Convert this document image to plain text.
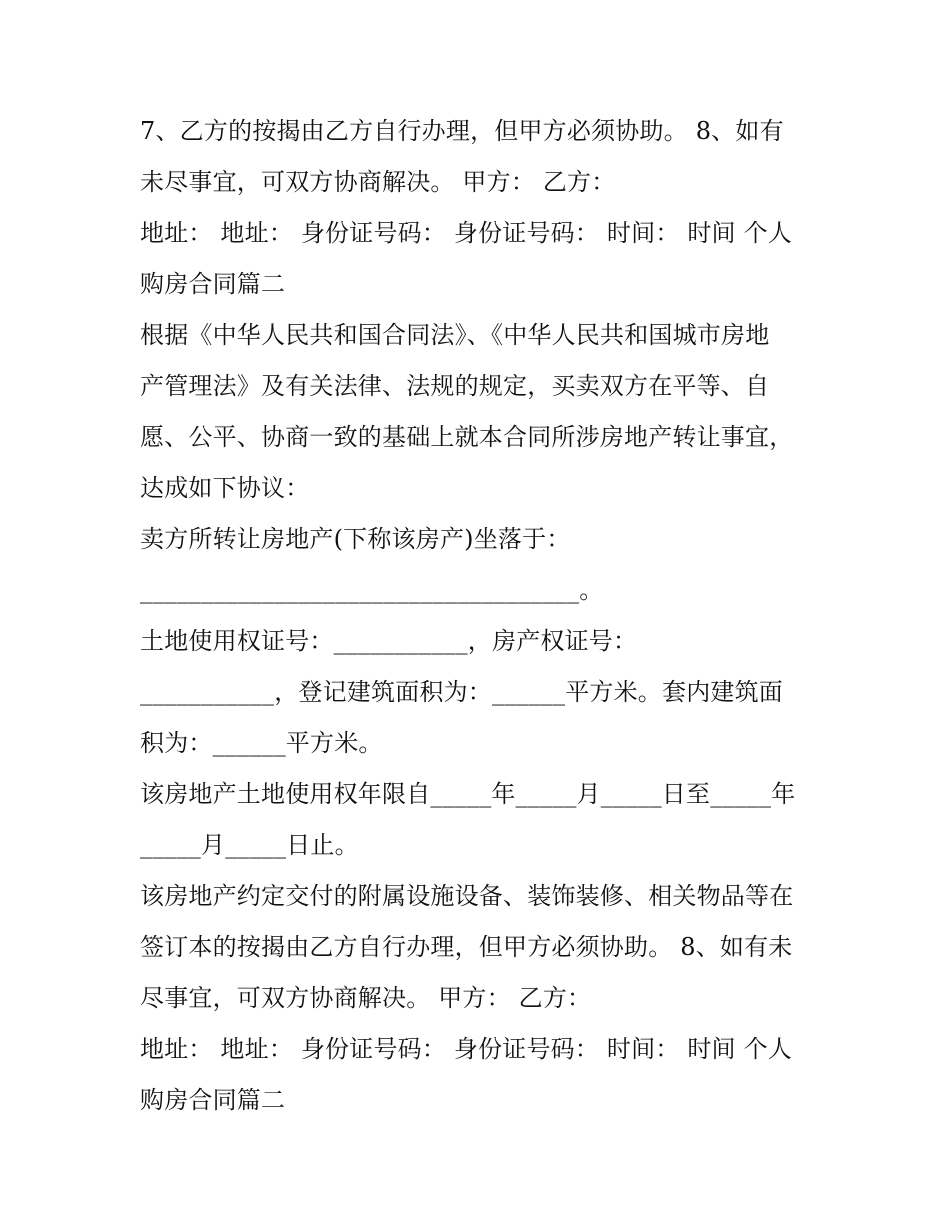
7、乙方的按揭由乙方自行办理，但甲方必须协助。 8、如有

未尽事宜，可双方协商解决。 甲方： 乙方：

地址： 地址： 身份证号码： 身份证号码： 时间： 时间 个人

购房合同篇二

根据《中华人民共和国合同法》、《中华人民共和国城市房地

产管理法》及有关法律、法规的规定，买卖双方在平等、自

愿、公平、协商一致的基础上就本合同所涉房地产转让事宜，

达成如下协议：

卖方所转让房地产(下称该房产)坐落于：

____________________________________。

土地使用权证号：___________，房产权证号：

___________，登记建筑面积为：______平方米。套内建筑面

积为：______平方米。

该房地产土地使用权年限自_____年_____月_____日至_____年

_____月_____日止。

该房地产约定交付的附属设施设备、装饰装修、相关物品等在

签订本的按揭由乙方自行办理，但甲方必须协助。 8、如有未

尽事宜，可双方协商解决。 甲方： 乙方：

地址： 地址： 身份证号码： 身份证号码： 时间： 时间 个人

购房合同篇二
